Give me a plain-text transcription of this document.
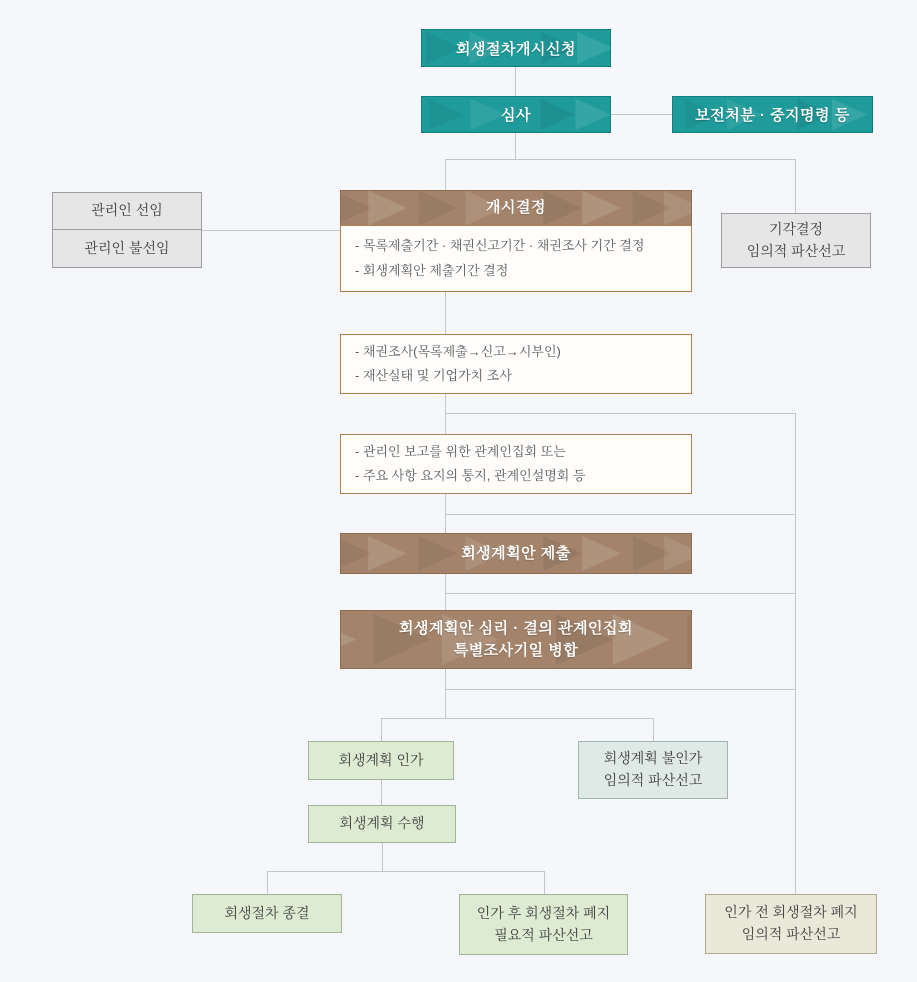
회생절차개시신청
심사	보전처분 · 중지명령 등
관리인 선임
관리인 불선임
개시결정
- 목록제출기간 · 채권신고기간 · 채권조사 기간 결정
- 회생계획안 제출기간 결정
기각결정
임의적 파산선고
- 채권조사(목록제출→신고→시부인)
- 재산실태 및 기업가치 조사
- 관리인 보고를 위한 관계인집회 또는
- 주요 사항 요지의 통지, 관계인설명회 등
회생계획안 제출
회생계획안 심리 · 결의 관계인집회
특별조사기일 병합
회생계획 인가	회생계획 불인가
임의적 파산선고
회생계획 수행
회생절차 종결	인가 후 회생절차 폐지
필요적 파산선고
인가 전 회생절차 폐지
임의적 파산선고
